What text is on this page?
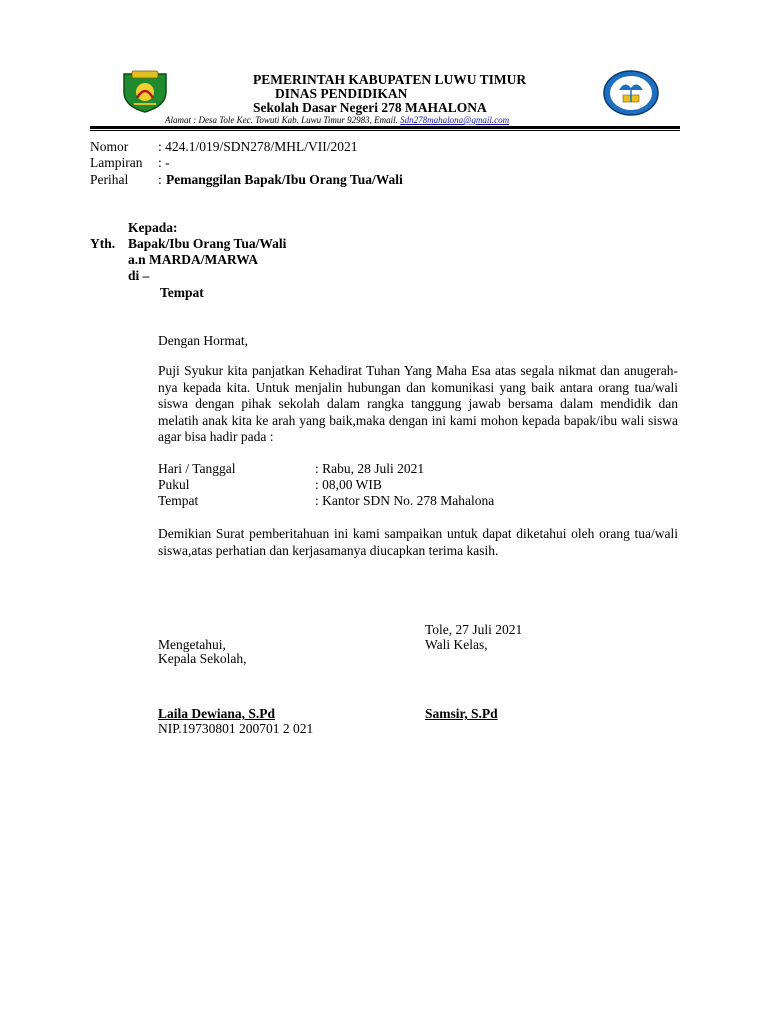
PEMERINTAH KABUPATEN LUWU TIMUR
DINAS PENDIDIKAN
Sekolah Dasar Negeri 278 MAHALONA
Alamat : Desa Tole Kec. Towuti Kab. Luwu Timur 92983, Email. Sdn278mahalona@gmail.com
Nomor : 424.1/019/SDN278/MHL/VII/2021
Lampiran : -
Perihal : Pemanggilan Bapak/Ibu Orang Tua/Wali
Kepada:
Yth. Bapak/Ibu Orang Tua/Wali
a.n MARDA/MARWA
di –
Tempat
Dengan Hormat,
Puji Syukur kita panjatkan Kehadirat Tuhan Yang Maha Esa atas segala nikmat dan anugerah-nya kepada kita. Untuk menjalin hubungan dan komunikasi yang baik antara orang tua/wali siswa dengan pihak sekolah dalam rangka tanggung jawab bersama dalam mendidik dan melatih anak kita ke arah yang baik,maka dengan ini kami mohon kepada bapak/ibu wali siswa agar bisa hadir pada :
Hari / Tanggal	: Rabu, 28 Juli 2021
Pukul	: 08,00 WIB
Tempat	: Kantor SDN No. 278 Mahalona
Demikian Surat pemberitahuan ini kami sampaikan untuk dapat diketahui oleh orang tua/wali siswa,atas perhatian dan kerjasamanya diucapkan terima kasih.
Tole, 27 Juli 2021
Mengetahui,	Wali Kelas,
Kepala Sekolah,
Laila Dewiana, S.Pd	Samsir, S.Pd
NIP.19730801 200701 2 021
